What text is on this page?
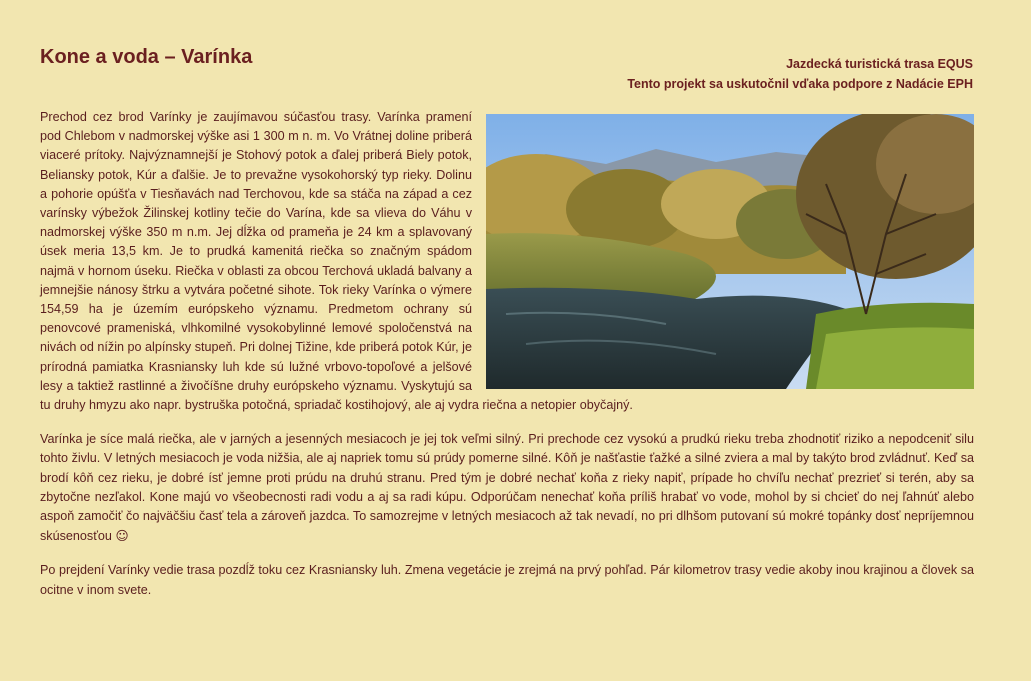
Kone a voda – Varínka	Jazdecká turistická trasa EQUS
Tento projekt sa uskutočnil vďaka podpore z Nadácie EPH

Prechod cez brod Varínky je zaujímavou súčasťou trasy. Varínka pramení pod Chlebom v nadmorskej výške asi 1 300 m n. m. Vo Vrátnej doline priberá viaceré prítoky. Najvýznamnejší je Stohový potok a ďalej priberá Biely potok, Beliansky potok, Kúr a ďalšie. Je to prevažne vysokohorský typ rieky. Dolinu a pohorie opúšťa v Tiesňavách nad Terchovou, kde sa stáča na západ a cez varínsky výbežok Žilinskej kotliny tečie do Varína, kde sa vlieva do Váhu v nadmorskej výške 350 m n.m. Jej dĺžka od prameňa je 24 km a splavovaný úsek meria 13,5 km. Je to prudká kamenitá riečka so značným spádom najmä v hornom úseku. Riečka v oblasti za obcou Terchová ukladá balvany a jemnejšie nánosy štrku a vytvára početné sihote. Tok rieky Varínka o výmere 154,59 ha je územím európskeho významu. Predmetom ochrany sú penovcové prameniská, vlhkomilné vysokobylinné lemové spoločenstvá na nivách od nížin po alpínsky stupeň. Pri dolnej Tižine, kde priberá potok Kúr, je prírodná pamiatka Krasniansky luh kde sú lužné vrbovo-topoľové a jelšové lesy a taktiež rastlinné a živočíšne druhy európskeho významu. Vyskytujú sa tu druhy hmyzu ako napr. bystruška potočná, spriadač kostihojový, ale aj vydra riečna a netopier obyčajný.

Varínka je síce malá riečka, ale v jarných a jesenných mesiacoch je jej tok veľmi silný. Pri prechode cez vysokú a prudkú rieku treba zhodnotiť riziko a nepodceniť silu tohto živlu. V letných mesiacoch je voda nižšia, ale aj napriek tomu sú prúdy pomerne silné. Kôň je našťastie ťažké a silné zviera a mal by takýto brod zvládnuť. Keď sa brodí kôň cez rieku, je dobré ísť jemne proti prúdu na druhú stranu. Pred tým je dobré nechať koňa z rieky napiť, prípade ho chvíľu nechať prezrieť si terén, aby sa zbytočne nezľakol. Kone majú vo všeobecnosti radi vodu a aj sa radi kúpu. Odporúčam nenechať koňa príliš hrabať vo vode, mohol by si chcieť do nej ľahnúť alebo aspoň zamočiť čo najväčšiu časť tela a zároveň jazdca. To samozrejme v letných mesiacoch až tak nevadí, no pri dlhšom putovaní sú mokré topánky dosť nepríjemnou skúsenosťou ☺

Po prejdení Varínky vedie trasa pozdĺž toku cez Krasniansky luh. Zmena vegetácie je zrejmá na prvý pohľad. Pár kilometrov trasy vedie akoby inou krajinou a človek sa ocitne v inom svete.
